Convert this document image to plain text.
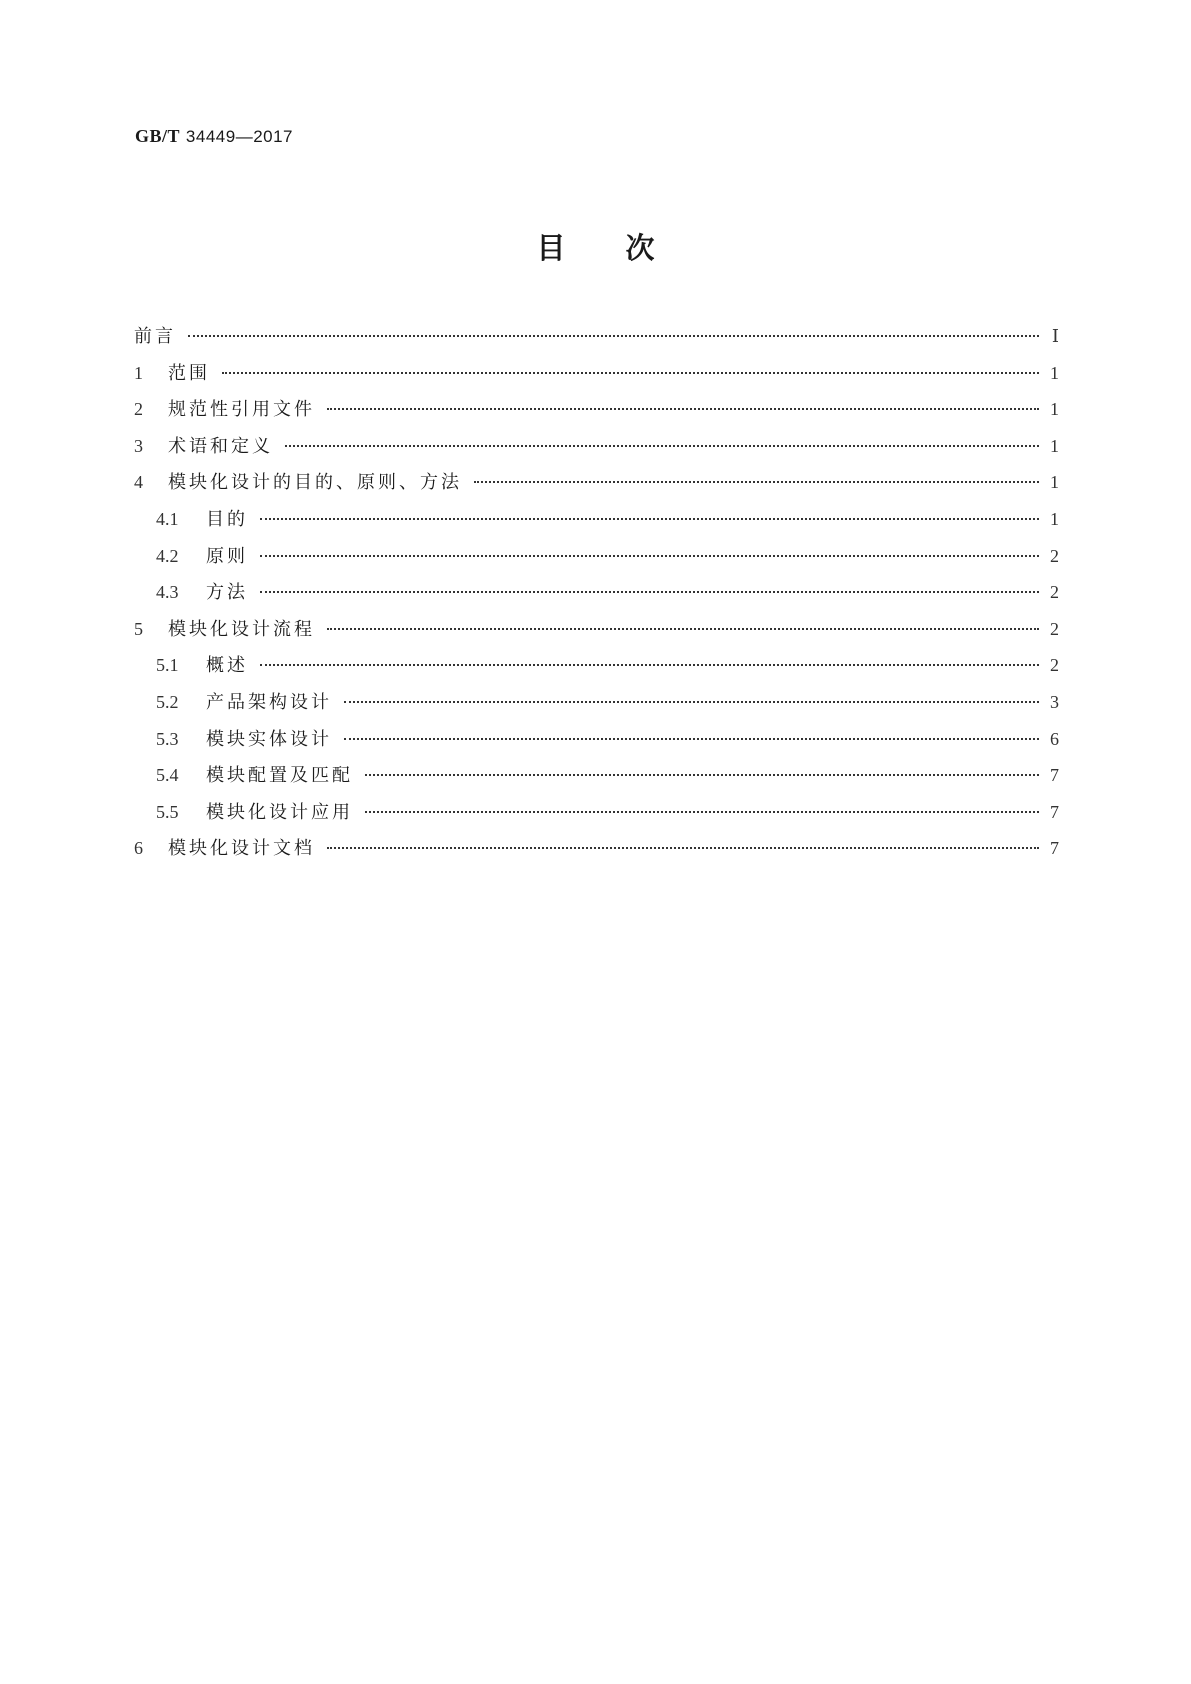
GB/T 34449—2017
目次
前言	Ⅰ
1	范围	1
2	规范性引用文件	1
3	术语和定义	1
4	模块化设计的目的、原则、方法	1
4.1	目的	1
4.2	原则	2
4.3	方法	2
5	模块化设计流程	2
5.1	概述	2
5.2	产品架构设计	3
5.3	模块实体设计	6
5.4	模块配置及匹配	7
5.5	模块化设计应用	7
6	模块化设计文档	7
